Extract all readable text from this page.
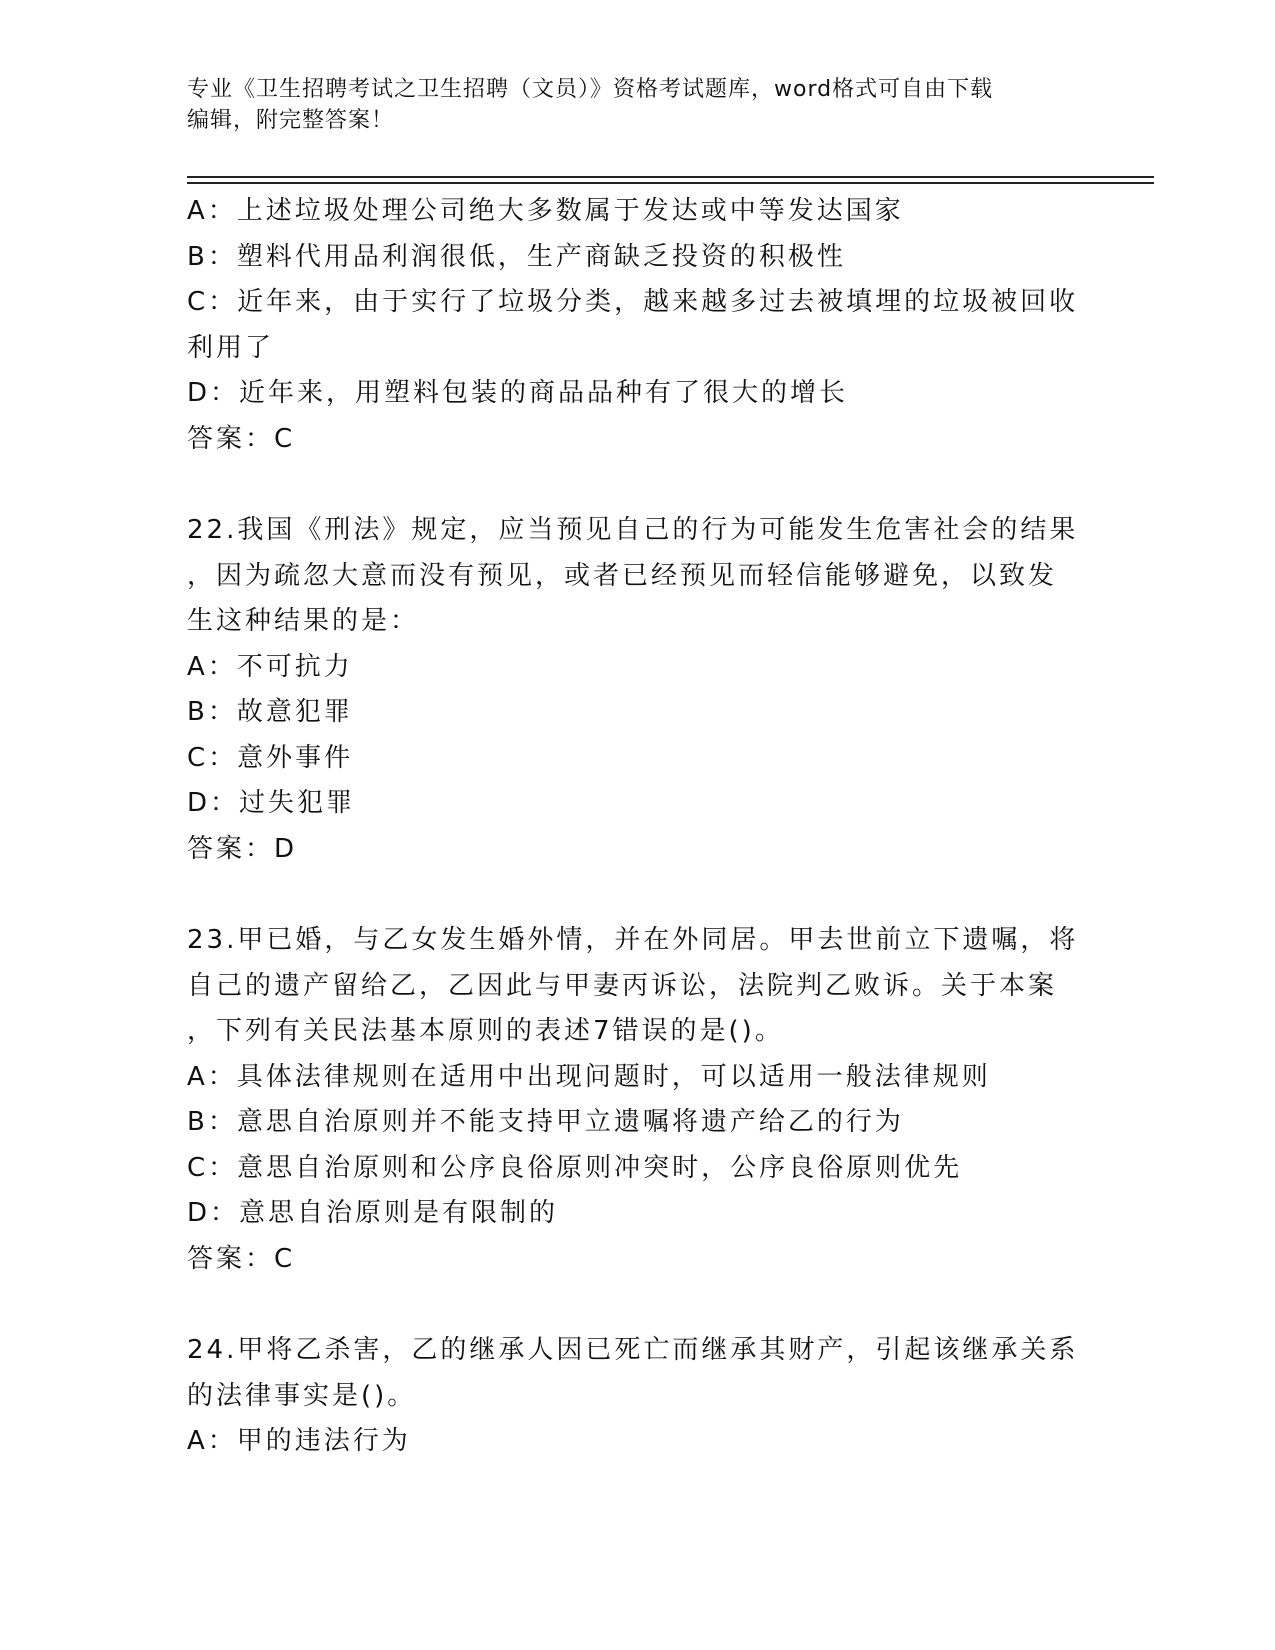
专业《卫生招聘考试之卫生招聘（文员）》资格考试题库，word格式可自由下载
编辑，附完整答案！
A：上述垃圾处理公司绝大多数属于发达或中等发达国家
B：塑料代用品利润很低，生产商缺乏投资的积极性
C：近年来，由于实行了垃圾分类，越来越多过去被填埋的垃圾被回收
利用了
D：近年来，用塑料包装的商品品种有了很大的增长
答案：C
22.我国《刑法》规定，应当预见自己的行为可能发生危害社会的结果
，因为疏忽大意而没有预见，或者已经预见而轻信能够避免，以致发
生这种结果的是：
A：不可抗力
B：故意犯罪
C：意外事件
D：过失犯罪
答案：D
23.甲已婚，与乙女发生婚外情，并在外同居。甲去世前立下遗嘱，将
自己的遗产留给乙，乙因此与甲妻丙诉讼，法院判乙败诉。关于本案
，下列有关民法基本原则的表述7错误的是()。
A：具体法律规则在适用中出现问题时，可以适用一般法律规则
B：意思自治原则并不能支持甲立遗嘱将遗产给乙的行为
C：意思自治原则和公序良俗原则冲突时，公序良俗原则优先
D：意思自治原则是有限制的
答案：C
24.甲将乙杀害，乙的继承人因已死亡而继承其财产，引起该继承关系
的法律事实是()。
A：甲的违法行为
